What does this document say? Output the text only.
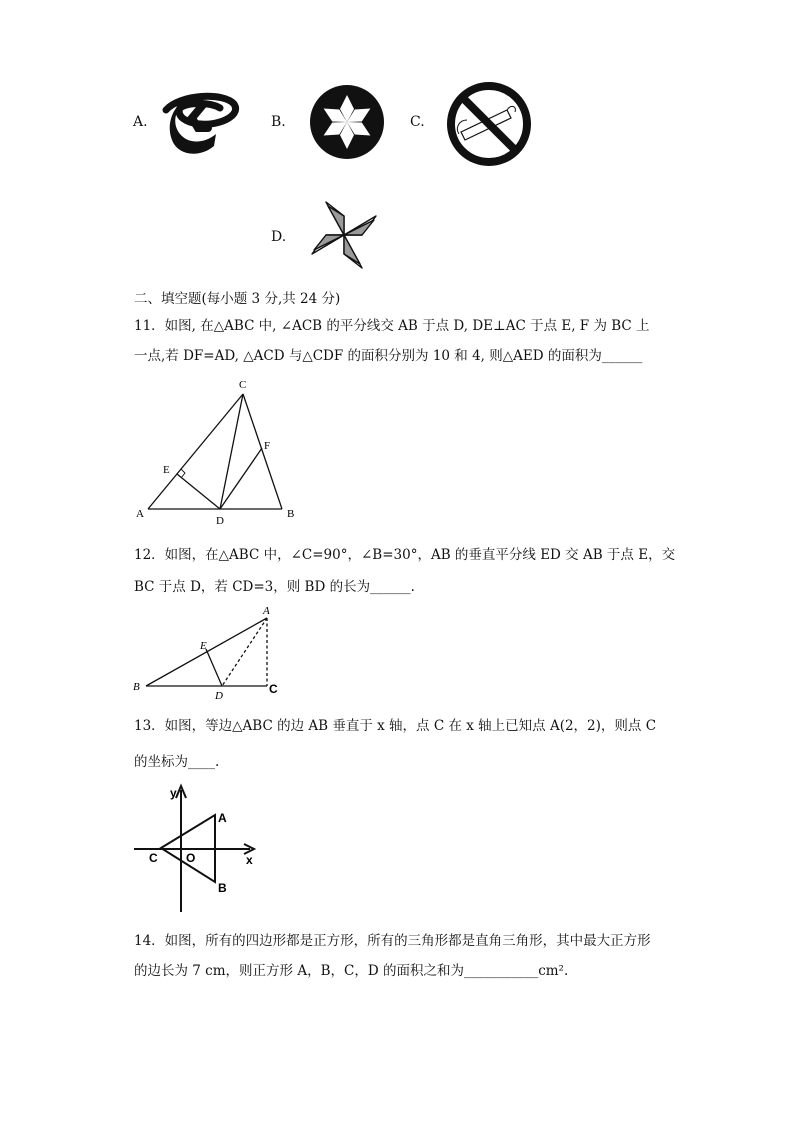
A.	B.	C.
D.
二、填空题(每小题 3 分,共 24 分)
11．如图, 在△ABC 中, ∠ACB 的平分线交 AB 于点 D, DE⊥AC 于点 E, F 为 BC 上
一点,若 DF=AD, △ACD 与△CDF 的面积分别为 10 和 4, 则△AED 的面积为______
C
F
E
A
D
B
12．如图，在△ABC 中，∠C=90°，∠B=30°，AB 的垂直平分线 ED 交 AB 于点 E，交
BC 于点 D，若 CD=3，则 BD 的长为______.
A
E
B
D	C
13．如图，等边△ABC 的边 AB 垂直于 x 轴，点 C 在 x 轴上已知点 A(2，2)，则点 C
的坐标为____.
y
x
A
B
C O
14．如图，所有的四边形都是正方形，所有的三角形都是直角三角形，其中最大正方形
的边长为 7 cm，则正方形 A，B，C，D 的面积之和为___________cm².
